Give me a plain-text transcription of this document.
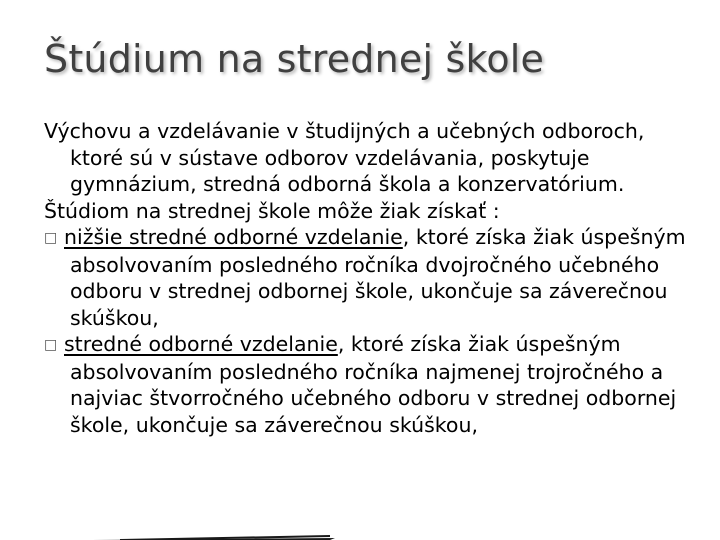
Štúdium na strednej škole
Výchovu a vzdelávanie v študijných a učebných odboroch, ktoré sú v sústave odborov vzdelávania, poskytuje gymnázium, stredná odborná škola a konzervatórium.
Štúdiom na strednej škole môže žiak získať :
□ nižšie stredné odborné vzdelanie, ktoré získa žiak úspešným absolvovaním posledného ročníka dvojročného učebného odboru v strednej odbornej škole, ukončuje sa záverečnou skúškou,
□ stredné odborné vzdelanie, ktoré získa žiak úspešným absolvovaním posledného ročníka najmenej trojročného a najviac štvorročného učebného odboru v strednej odbornej škole, ukončuje sa záverečnou skúškou,
